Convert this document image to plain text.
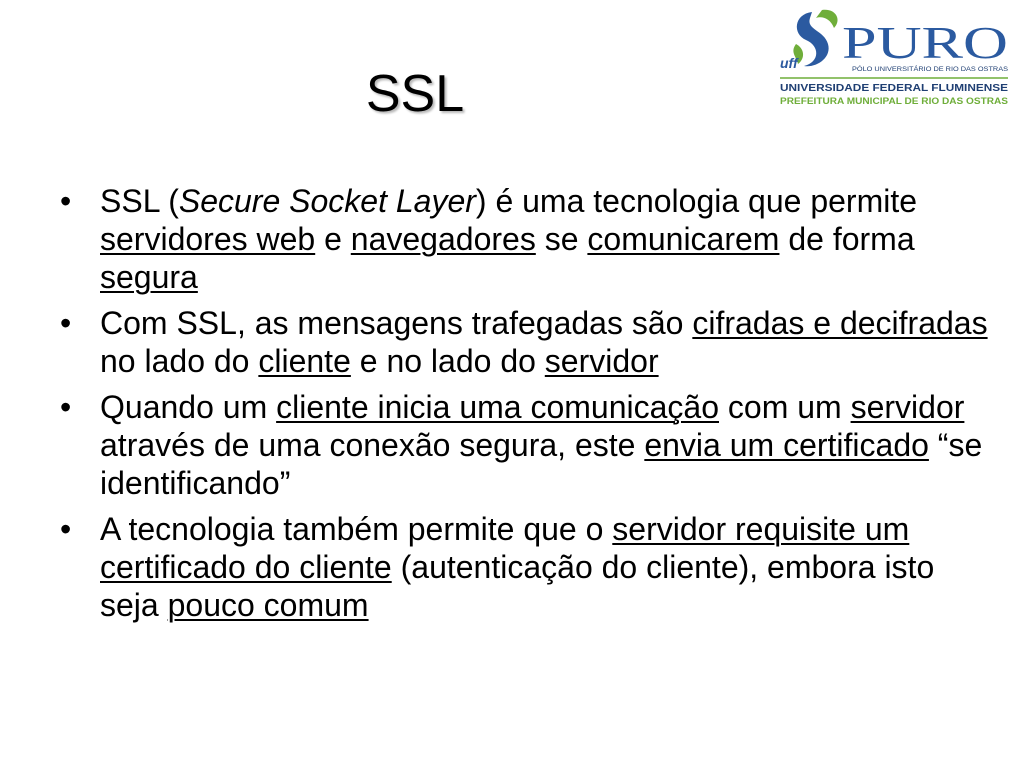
SSL
uff PURO
PÓLO UNIVERSITÁRIO DE RIO DAS OSTRAS
UNIVERSIDADE FEDERAL FLUMINENSE
PREFEITURA MUNICIPAL DE RIO DAS OSTRAS
• SSL (Secure Socket Layer) é uma tecnologia que permite servidores web e navegadores se comunicarem de forma segura
• Com SSL, as mensagens trafegadas são cifradas e decifradas no lado do cliente e no lado do servidor
• Quando um cliente inicia uma comunicação com um servidor através de uma conexão segura, este envia um certificado “se identificando”
• A tecnologia também permite que o servidor requisite um certificado do cliente (autenticação do cliente), embora isto seja pouco comum
